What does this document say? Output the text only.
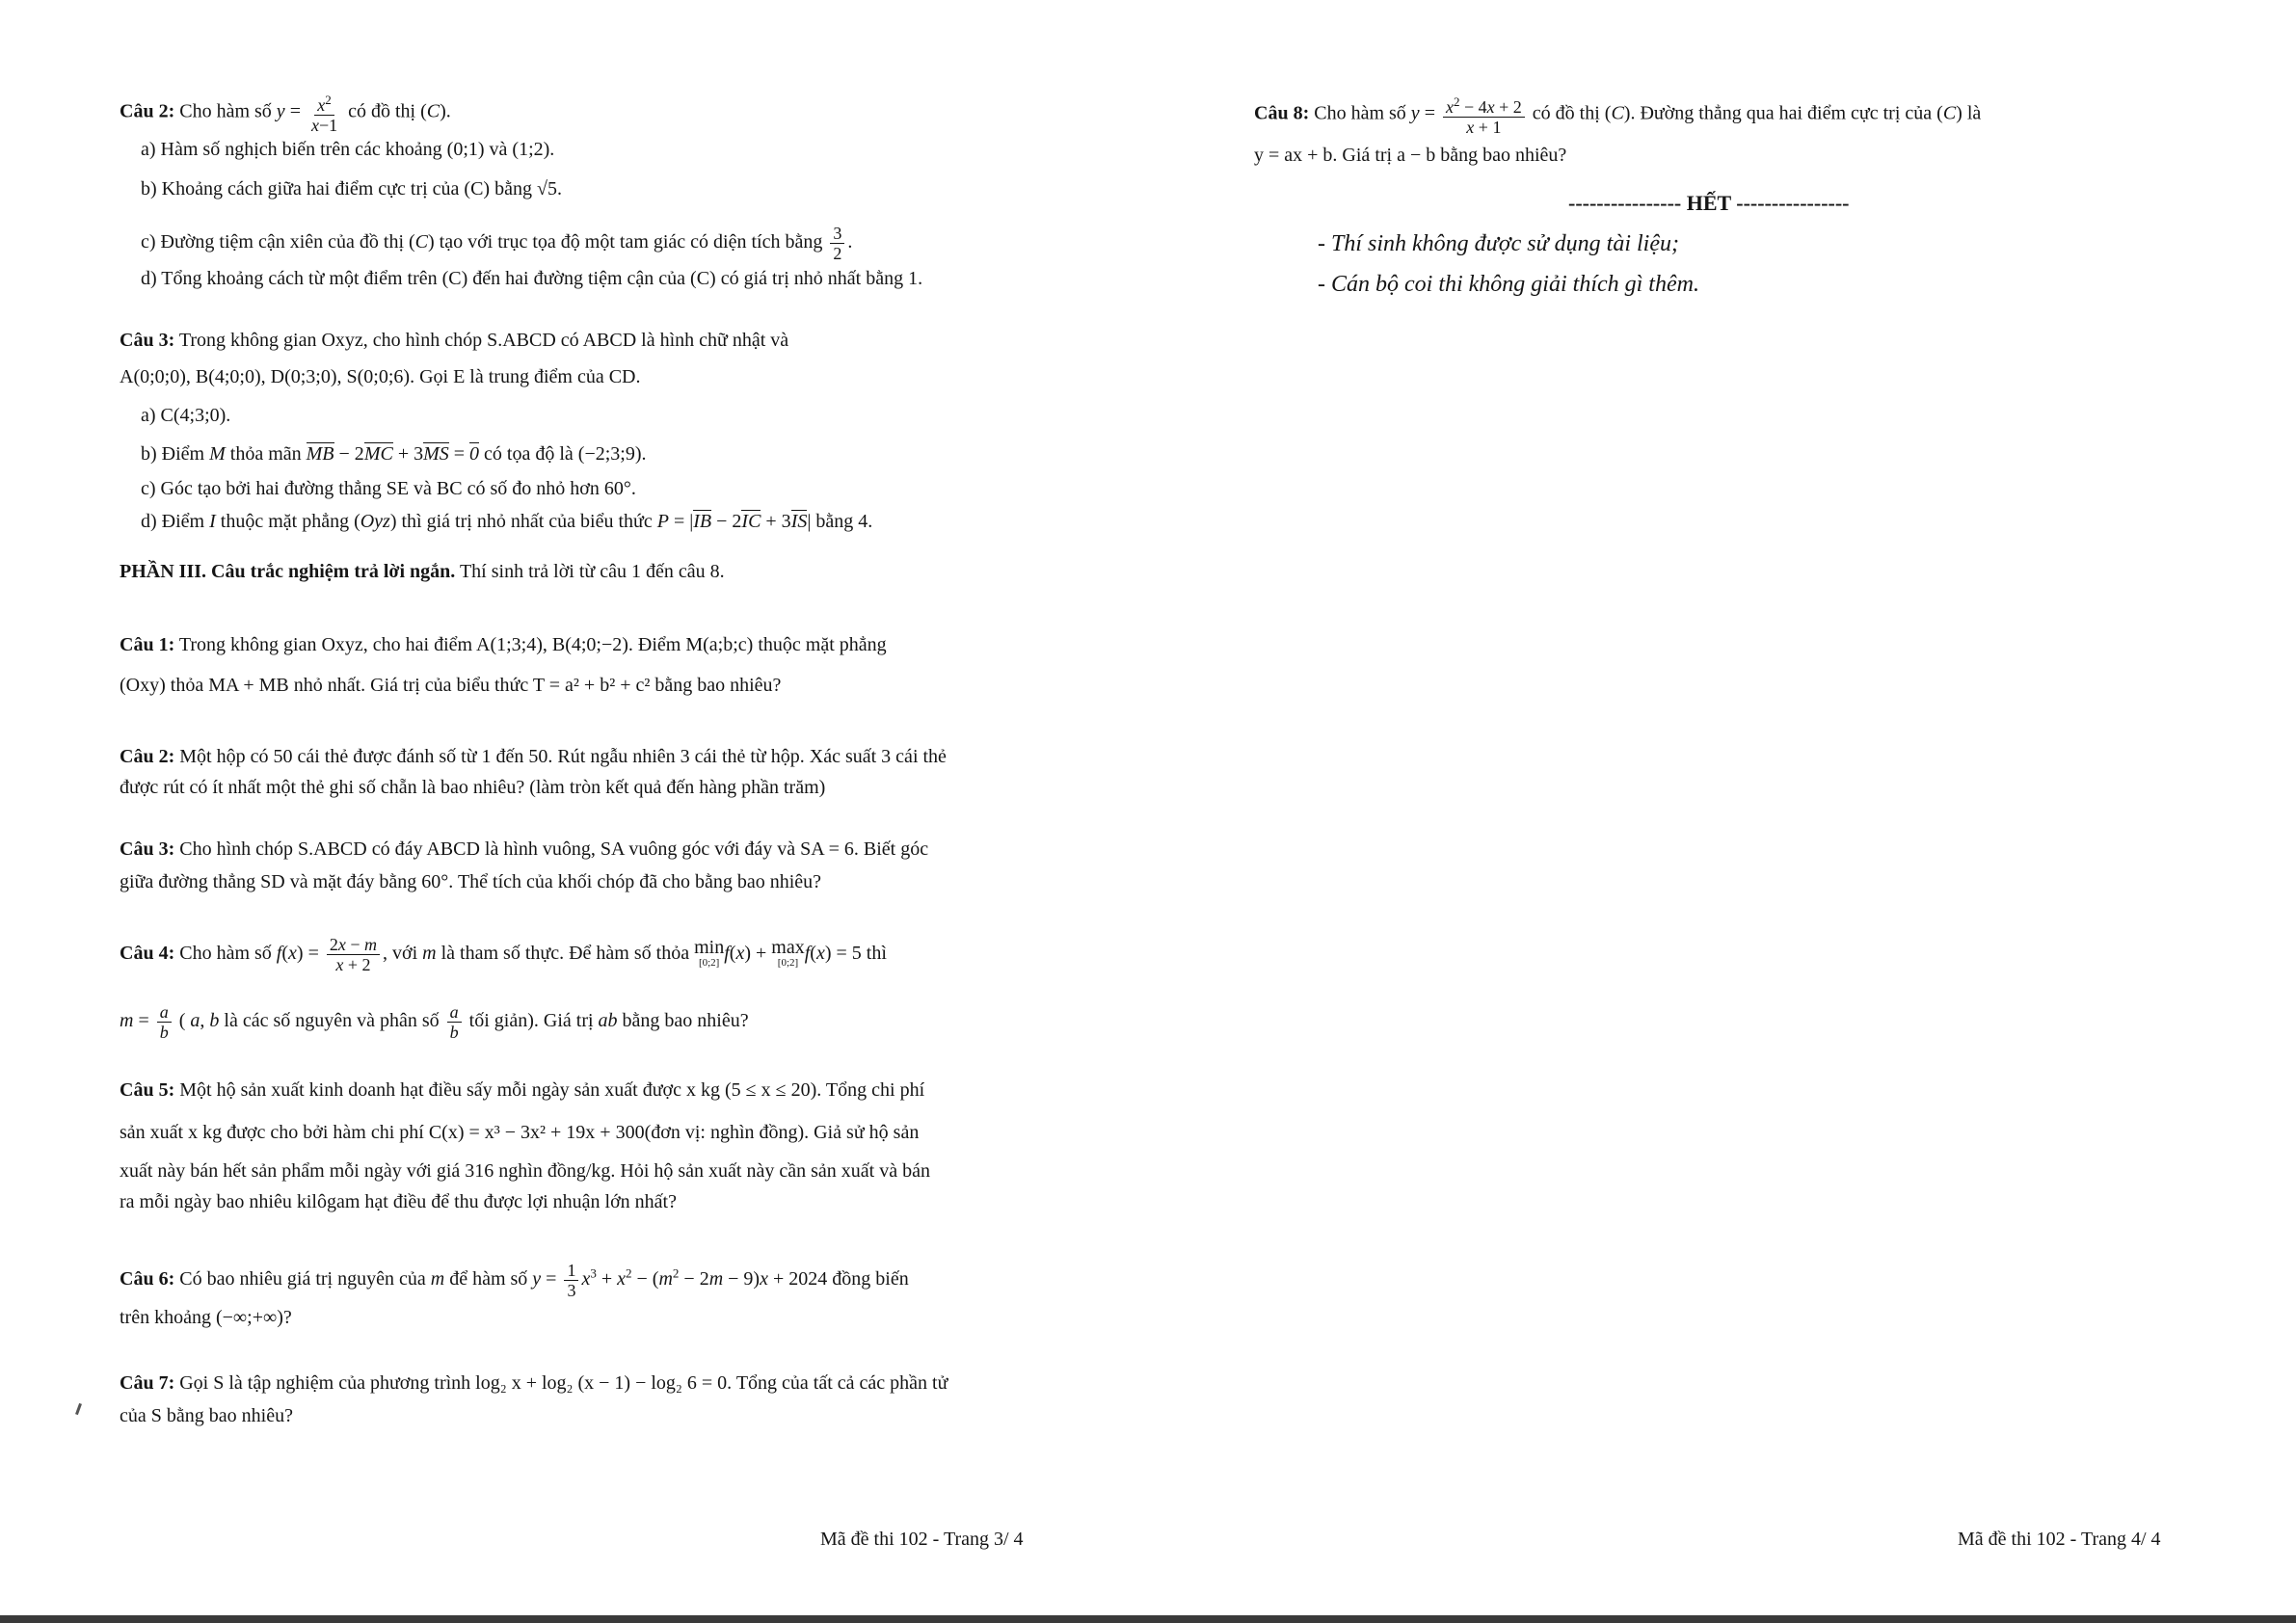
Câu 2: Cho hàm số $y = \frac{x^2}{x-1}$ có đồ thị (C).
a) Hàm số nghịch biến trên các khoảng (0;1) và (1;2).
b) Khoảng cách giữa hai điểm cực trị của (C) bằng √5.
c) Đường tiệm cận xiên của đồ thị (C) tạo với trục tọa độ một tam giác có diện tích bằng $\frac{3}{2}$ .
d) Tổng khoảng cách từ một điểm trên (C) đến hai đường tiệm cận của (C) có giá trị nhỏ nhất bằng 1.
Câu 3: Trong không gian Oxyz, cho hình chóp S.ABCD có ABCD là hình chữ nhật và
A(0;0;0), B(4;0;0), D(0;3;0), S(0;0;6). Gọi E là trung điểm của CD.
a) C(4;3;0).
b) Điểm M thỏa mãn MB − 2MC + 3MS = 0 có tọa độ là (−2;3;9).
c) Góc tạo bởi hai đường thẳng SE và BC có số đo nhỏ hơn 60°.
d) Điểm I thuộc mặt phẳng (Oyz) thì giá trị nhỏ nhất của biểu thức P = |IB − 2IC + 3IS| bằng 4.
PHẦN III. Câu trắc nghiệm trả lời ngắn. Thí sinh trả lời từ câu 1 đến câu 8.
Câu 1: Trong không gian Oxyz, cho hai điểm A(1;3;4), B(4;0;−2). Điểm M(a;b;c) thuộc mặt phẳng
(Oxy) thỏa MA + MB nhỏ nhất. Giá trị của biểu thức T = a² + b² + c² bằng bao nhiêu?
Câu 2: Một hộp có 50 cái thẻ được đánh số từ 1 đến 50. Rút ngẫu nhiên 3 cái thẻ từ hộp. Xác suất 3 cái thẻ
được rút có ít nhất một thẻ ghi số chẵn là bao nhiêu? (làm tròn kết quả đến hàng phần trăm)
Câu 3: Cho hình chóp S.ABCD có đáy ABCD là hình vuông, SA vuông góc với đáy và SA = 6. Biết góc
giữa đường thẳng SD và mặt đáy bằng 60°. Thể tích của khối chóp đã cho bằng bao nhiêu?
Câu 4: Cho hàm số $f(x) = \frac{2x - m}{x + 2}$ , với m là tham số thực. Để hàm số thỏa min
[0;2] f(x) + max
[0;2] f(x) = 5 thì
$m = \frac{a}{b}$ ( a, b là các số nguyên và phân số $\frac{a}{b}$ tối giản). Giá trị ab bằng bao nhiêu?
Câu 5: Một hộ sản xuất kinh doanh hạt điều sấy mỗi ngày sản xuất được x kg (5 ≤ x ≤ 20). Tổng chi phí
sản xuất x kg được cho bởi hàm chi phí C(x) = x³ − 3x² + 19x + 300(đơn vị: nghìn đồng). Giả sử hộ sản
xuất này bán hết sản phẩm mỗi ngày với giá 316 nghìn đồng/kg. Hỏi hộ sản xuất này cần sản xuất và bán
ra mỗi ngày bao nhiêu kilôgam hạt điều để thu được lợi nhuận lớn nhất?
Câu 6: Có bao nhiêu giá trị nguyên của m để hàm số $y = \frac{1}{3} x^3 + x^2 - (m^2 - 2m - 9)x + 2024$ đồng biến
trên khoảng (−∞;+∞)?
Câu 7: Gọi S là tập nghiệm của phương trình log₂ x + log₂ (x − 1) − log₂ 6 = 0. Tổng của tất cả các phần tử
của S bằng bao nhiêu?
Mã đề thi 102 - Trang 3/ 4
Câu 8: Cho hàm số $y = \frac{x^2 - 4x + 2}{x + 1}$ có đồ thị (C). Đường thẳng qua hai điểm cực trị của (C) là
y = ax + b. Giá trị a − b bằng bao nhiêu?
---------------- HẾT ----------------
- Thí sinh không được sử dụng tài liệu;
- Cán bộ coi thi không giải thích gì thêm.
Mã đề thi 102 - Trang 4/ 4
